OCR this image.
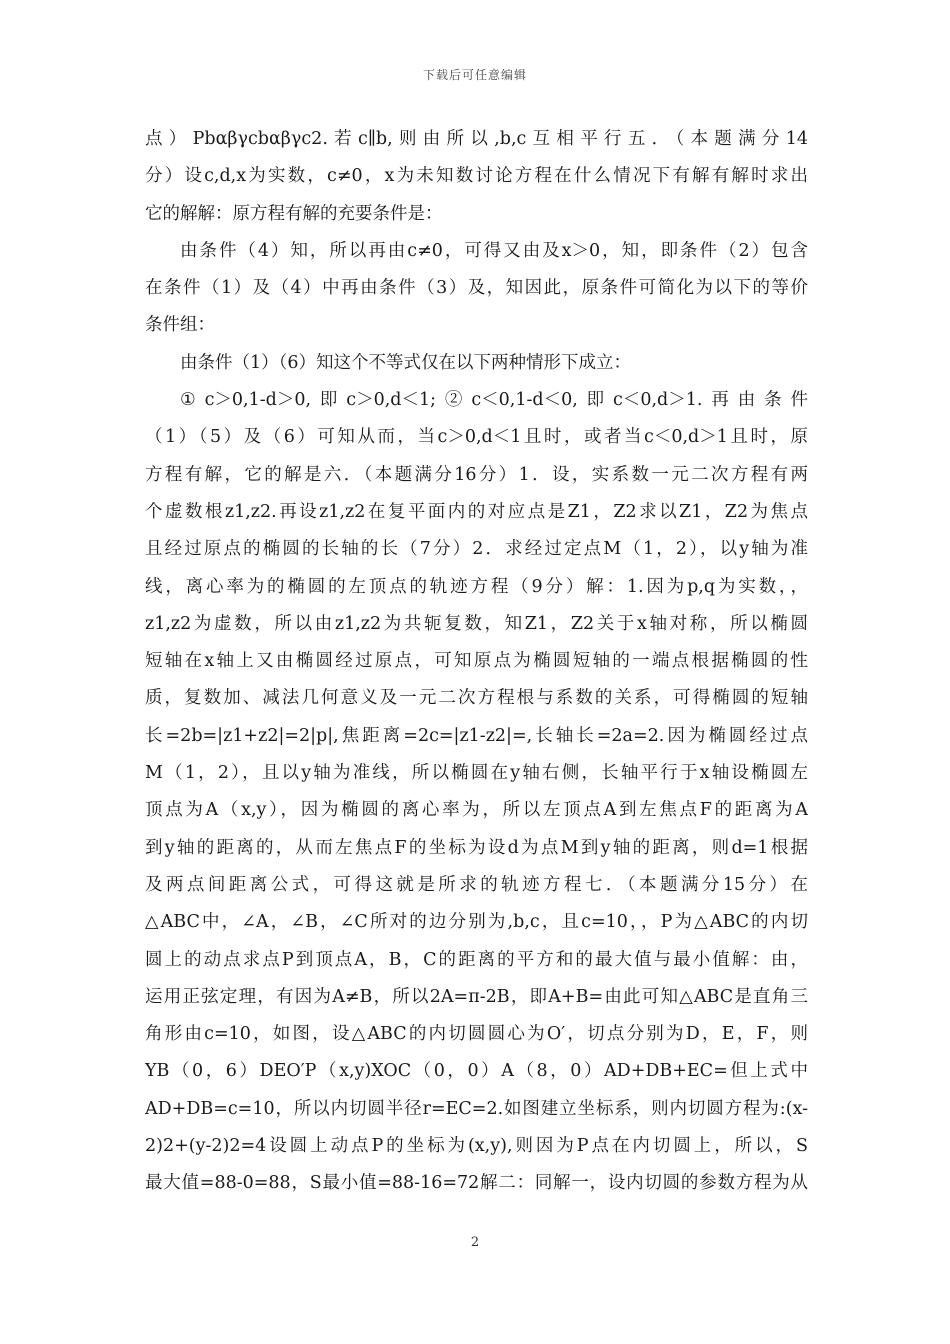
下载后可任意编辑
点）Pbαβγcbαβγc2.若c∥b,则由所以,b,c互相平行五．（本题满分14
分）设c,d,x为实数，c≠0，x为未知数讨论方程在什么情况下有解有解时求出
它的解解：原方程有解的充要条件是：
由条件（4）知，所以再由c≠0，可得又由及x＞0，知，即条件（2）包含
在条件（1）及（4）中再由条件（3）及，知因此，原条件可简化为以下的等价
条件组：
由条件（1）（6）知这个不等式仅在以下两种情形下成立：
①c＞0,1-d＞0,即c＞0,d＜1;②c＜0,1-d＜0,即c＜0,d＞1.再由条件
（1）（5）及（6）可知从而，当c＞0,d＜1且时，或者当c＜0,d＞1且时，原
方程有解，它的解是六．（本题满分16分）1．设，实系数一元二次方程有两
个虚数根z1,z2.再设z1,z2在复平面内的对应点是Z1，Z2求以Z1，Z2为焦点
且经过原点的椭圆的长轴的长（7分）2．求经过定点M（1，2），以y轴为准
线，离心率为的椭圆的左顶点的轨迹方程（9分）解：1.因为p,q为实数，，
z1,z2为虚数，所以由z1,z2为共轭复数，知Z1，Z2关于x轴对称，所以椭圆
短轴在x轴上又由椭圆经过原点，可知原点为椭圆短轴的一端点根据椭圆的性
质，复数加、减法几何意义及一元二次方程根与系数的关系，可得椭圆的短轴
长=2b=|z1+z2|=2|p|,焦距离=2c=|z1-z2|=,长轴长=2a=2.因为椭圆经过点
M（1，2），且以y轴为准线，所以椭圆在y轴右侧，长轴平行于x轴设椭圆左
顶点为A（x,y），因为椭圆的离心率为，所以左顶点A到左焦点F的距离为A
到y轴的距离的，从而左焦点F的坐标为设d为点M到y轴的距离，则d=1根据
及两点间距离公式，可得这就是所求的轨迹方程七．（本题满分15分）在
△ABC中，∠A，∠B，∠C所对的边分别为,b,c，且c=10，，P为△ABC的内切
圆上的动点求点P到顶点A，B，C的距离的平方和的最大值与最小值解：由，
运用正弦定理，有因为A≠B，所以2A=π-2B，即A+B=由此可知△ABC是直角三
角形由c=10，如图，设△ABC的内切圆圆心为O′，切点分别为D，E，F，则
YB（0，6）DEO′P（x,y)XOC（0，0）A（8，0）AD+DB+EC=但上式中
AD+DB=c=10，所以内切圆半径r=EC=2.如图建立坐标系，则内切圆方程为:(x-
2)2+(y-2)2=4设圆上动点P的坐标为(x,y),则因为P点在内切圆上，所以，S
最大值=88-0=88，S最小值=88-16=72解二：同解一，设内切圆的参数方程为从
2
